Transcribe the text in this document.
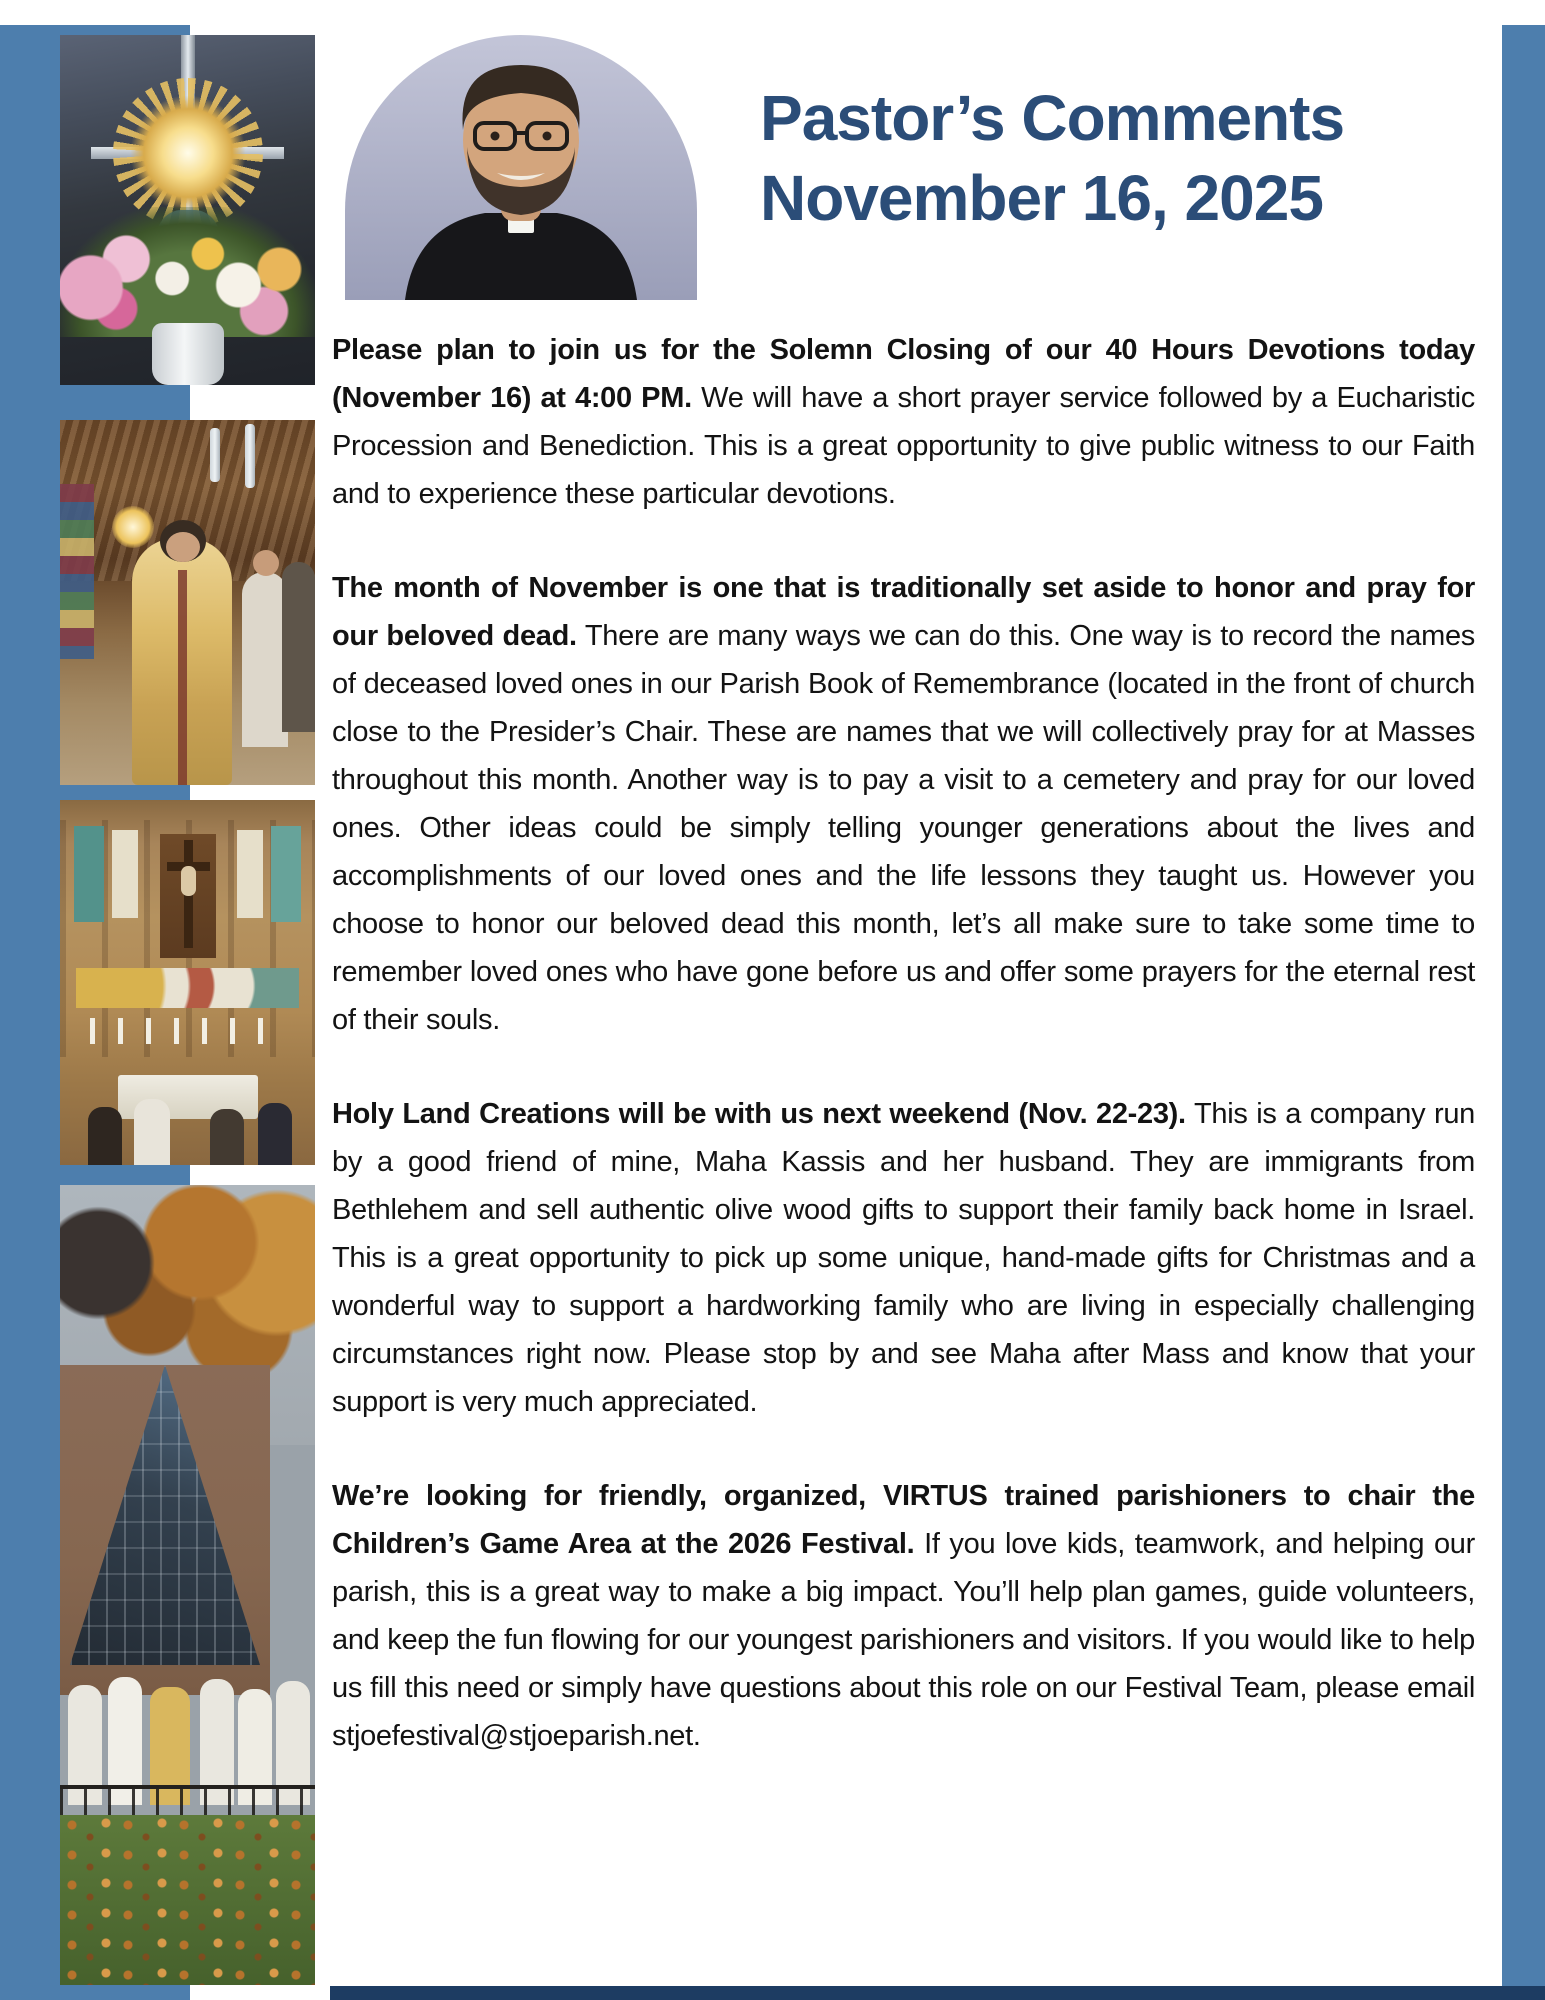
Pastor’s Comments
November 16, 2025

Please plan to join us for the Solemn Closing of our 40 Hours Devotions today (November 16) at 4:00 PM. We will have a short prayer service followed by a Eucharistic Procession and Benediction. This is a great opportunity to give public witness to our Faith and to experience these particular devotions.

The month of November is one that is traditionally set aside to honor and pray for our beloved dead. There are many ways we can do this. One way is to record the names of deceased loved ones in our Parish Book of Remembrance (located in the front of church close to the Presider’s Chair. These are names that we will collectively pray for at Masses throughout this month. Another way is to pay a visit to a cemetery and pray for our loved ones. Other ideas could be simply telling younger generations about the lives and accomplishments of our loved ones and the life lessons they taught us. However you choose to honor our beloved dead this month, let’s all make sure to take some time to remember loved ones who have gone before us and offer some prayers for the eternal rest of their souls.

Holy Land Creations will be with us next weekend (Nov. 22-23). This is a company run by a good friend of mine, Maha Kassis and her husband. They are immigrants from Bethlehem and sell authentic olive wood gifts to support their family back home in Israel. This is a great opportunity to pick up some unique, hand-made gifts for Christmas and a wonderful way to support a hardworking family who are living in especially challenging circumstances right now. Please stop by and see Maha after Mass and know that your support is very much appreciated.

We’re looking for friendly, organized, VIRTUS trained parishioners to chair the Children’s Game Area at the 2026 Festival. If you love kids, teamwork, and helping our parish, this is a great way to make a big impact. You’ll help plan games, guide volunteers, and keep the fun flowing for our youngest parishioners and visitors. If you would like to help us fill this need or simply have questions about this role on our Festival Team, please email stjoefestival@stjoeparish.net.
